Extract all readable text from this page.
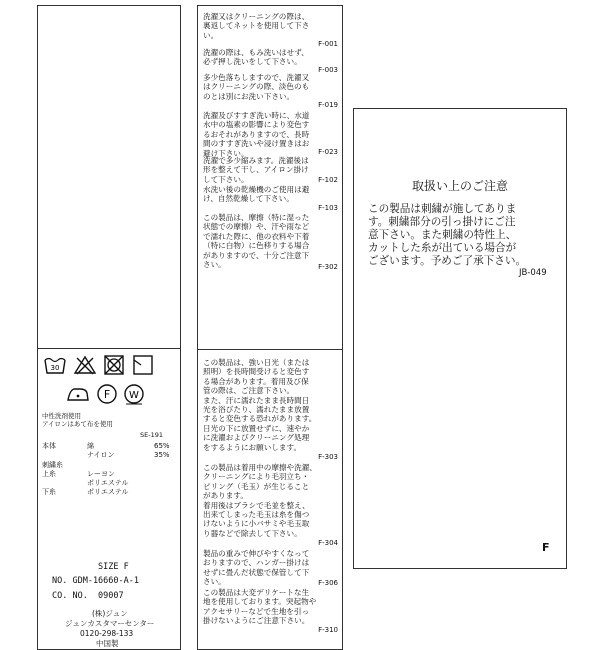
30
F W
中性洗剤使用
アイロンはあて布を使用
SE-191
本体	綿	65%
ナイロン	35%
刺繍糸
上糸	レーヨン
ポリエステル
下糸	ポリエステル
SIZE F
NO. GDM-16660-A-1
CO. NO.  09007
(株)ジュン
ジュンカスタマーセンター
0120-298-133
中国製
洗濯又はクリーニングの際は、
裏返してネットを使用して下さ
い。
F-001
洗濯の際は、もみ洗いはせず、
必ず押し洗いをして下さい。
F-003
多少色落ちしますので、洗濯又
はクリーニングの際、淡色のも
のとは別にお洗い下さい。
F-019
洗濯及びすすぎ洗い時に、水道
水中の塩素の影響により変色す
るおそれがありますので、長時
間のすすぎ洗いや浸け置きはお
避け下さい。	F-023
洗濯で多少縮みます。洗濯後は
形を整えて干し、アイロン掛け
して下さい。	F-102
水洗い後の乾燥機のご使用は避
け、自然乾燥して下さい。
F-103
この製品は、摩擦（特に湿った
状態での摩擦）や、汗や雨など
で濡れた際に、他の衣料や下着
（特に白物）に色移りする場合
がありますので、十分ご注意下
さい。	F-302
この製品は、強い日光（または
照明）を長時間受けると変色す
る場合があります。着用及び保
管の際は、ご注意下さい。
また、汗に濡れたまま長時間日
光を浴びたり、濡れたまま放置
すると変色する恐れがあります。
日光の下に放置せずに、速やか
に洗濯およびクリーニング処理
をするようにお願いします。
F-303
この製品は着用中の摩擦や洗濯、
クリーニングにより毛羽立ち・
ピリング（毛玉）が生じること
があります。
着用後はブラシで毛並を整え、
出来てしまった毛玉は糸を傷つ
けないように小バサミや毛玉取
り器などで除去して下さい。
F-304
製品の重みで伸びやすくなって
おりますので、ハンガー掛けは
せずに畳んだ状態で保管して下
さい。	F-306
この製品は大変デリケートな生
地を使用しております。突起物や
アクセサリーなどで生地を引っ
掛けないようにご注意下さい。
F-310
取扱い上のご注意
この製品は刺繍が施してありま
す。刺繍部分の引っ掛けにご注
意下さい。また刺繍の特性上、
カットした糸が出ている場合が
ございます。予めご了承下さい。
JB-049
F
